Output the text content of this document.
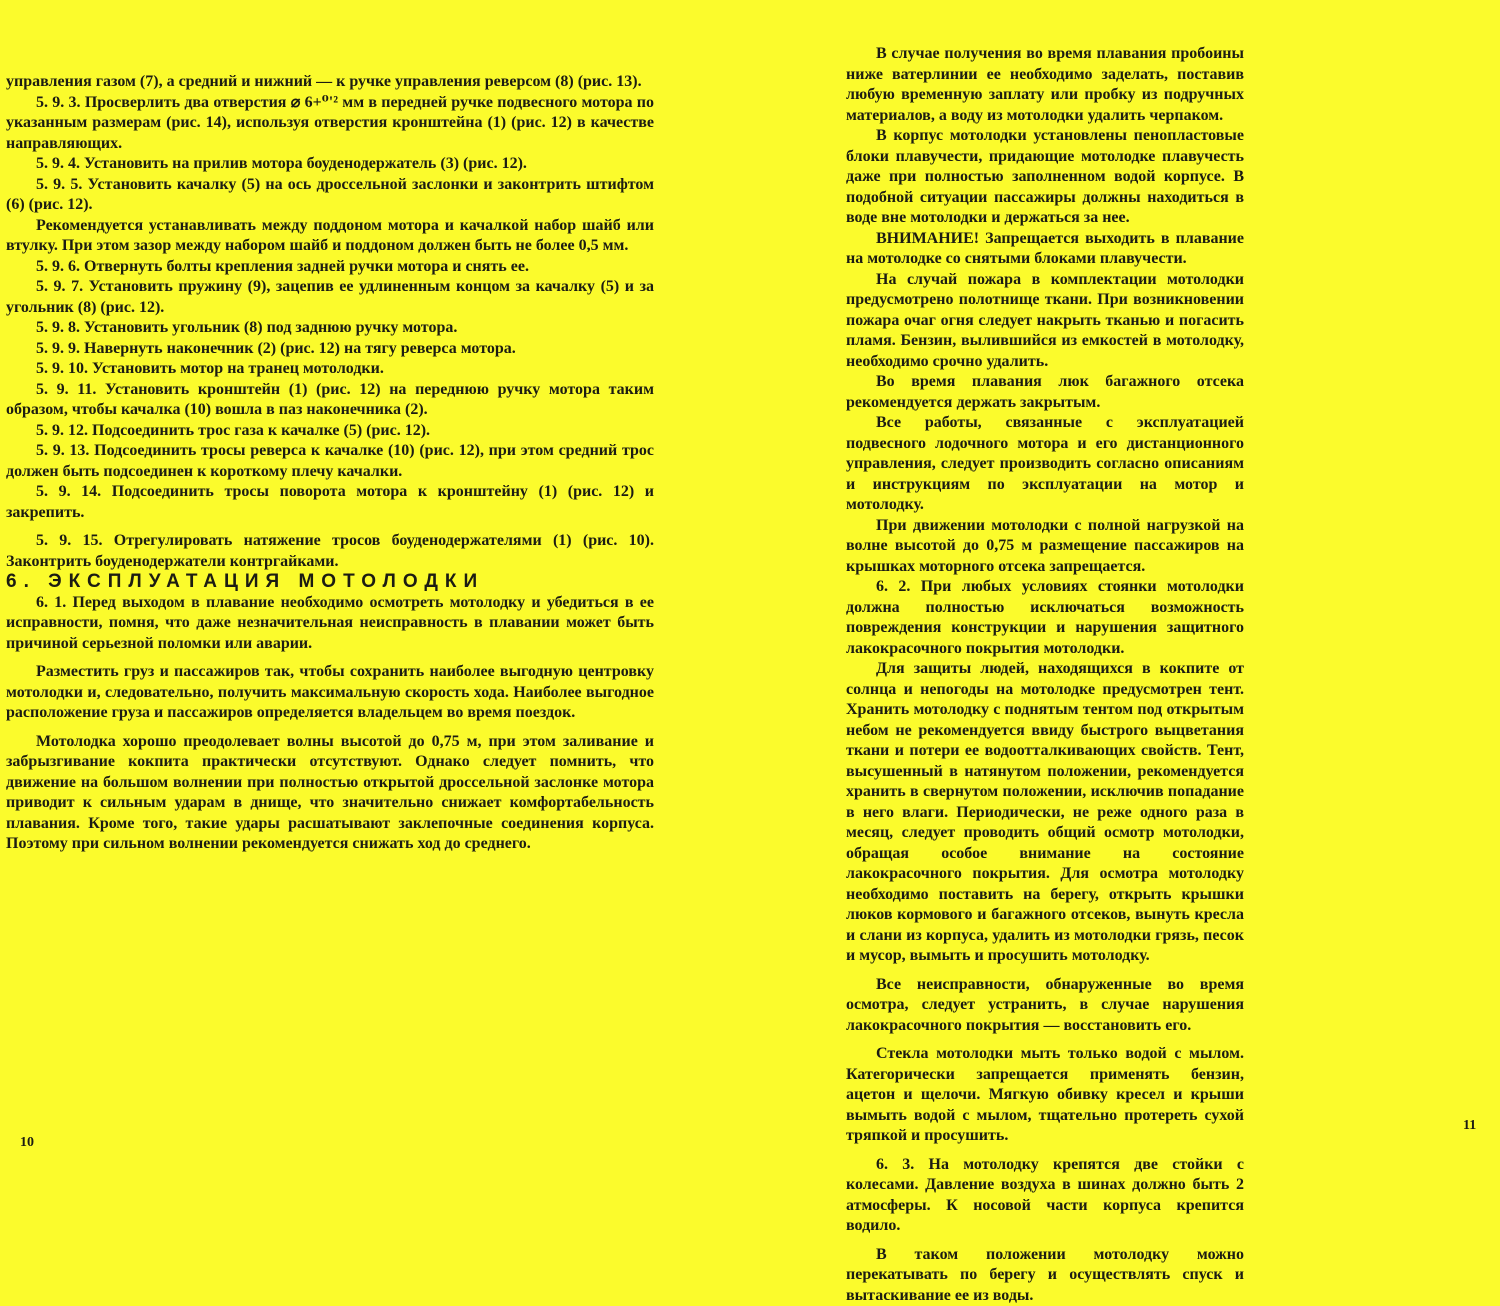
управления газом (7), а средний и нижний — к ручке управления реверсом (8) (рис. 13).

5. 9. 3. Просверлить два отверстия ⌀ 6+⁰'² мм в передней ручке подвесного мотора по указанным размерам (рис. 14), используя отверстия кронштейна (1) (рис. 12) в качестве направляющих.

5. 9. 4. Установить на прилив мотора боуденодержатель (3) (рис. 12).

5. 9. 5. Установить качалку (5) на ось дроссельной заслонки и законтрить штифтом (6) (рис. 12).

Рекомендуется устанавливать между поддоном мотора и качалкой набор шайб или втулку. При этом зазор между набором шайб и поддоном должен быть не более 0,5 мм.

5. 9. 6. Отвернуть болты крепления задней ручки мотора и снять ее.

5. 9. 7. Установить пружину (9), зацепив ее удлиненным концом за качалку (5) и за угольник (8) (рис. 12).

5. 9. 8. Установить угольник (8) под заднюю ручку мотора.

5. 9. 9. Навернуть наконечник (2) (рис. 12) на тягу реверса мотора.

5. 9. 10. Установить мотор на транец мотолодки.

5. 9. 11. Установить кронштейн (1) (рис. 12) на переднюю ручку мотора таким образом, чтобы качалка (10) вошла в паз наконечника (2).

5. 9. 12. Подсоединить трос газа к качалке (5) (рис. 12).

5. 9. 13. Подсоединить тросы реверса к качалке (10) (рис. 12), при этом средний трос должен быть подсоединен к короткому плечу качалки.

5. 9. 14. Подсоединить тросы поворота мотора к кронштейну (1) (рис. 12) и закрепить.

5. 9. 15. Отрегулировать натяжение тросов боуденодержателями (1) (рис. 10). Законтрить боуденодержатели контргайками.

6. ЭКСПЛУАТАЦИЯ МОТОЛОДКИ

6. 1. Перед выходом в плавание необходимо осмотреть мотолодку и убедиться в ее исправности, помня, что даже незначительная неисправность в плавании может быть причиной серьезной поломки или аварии.

Разместить груз и пассажиров так, чтобы сохранить наиболее выгодную центровку мотолодки и, следовательно, получить максимальную скорость хода. Наиболее выгодное расположение груза и пассажиров определяется владельцем во время поездок.

Мотолодка хорошо преодолевает волны высотой до 0,75 м, при этом заливание и забрызгивание кокпита практически отсутствуют. Однако следует помнить, что движение на большом волнении при полностью открытой дроссельной заслонке мотора приводит к сильным ударам в днище, что значительно снижает комфортабельность плавания. Кроме того, такие удары расшатывают заклепочные соединения корпуса. Поэтому при сильном волнении рекомендуется снижать ход до среднего.

10

В случае получения во время плавания пробоины ниже ватерлинии ее необходимо заделать, поставив любую временную заплату или пробку из подручных материалов, а воду из мотолодки удалить черпаком.

В корпус мотолодки установлены пенопластовые блоки плавучести, придающие мотолодке плавучесть даже при полностью заполненном водой корпусе. В подобной ситуации пассажиры должны находиться в воде вне мотолодки и держаться за нее.

ВНИМАНИЕ! Запрещается выходить в плавание на мотолодке со снятыми блоками плавучести.

На случай пожара в комплектации мотолодки предусмотрено полотнище ткани. При возникновении пожара очаг огня следует накрыть тканью и погасить пламя. Бензин, вылившийся из емкостей в мотолодку, необходимо срочно удалить.

Во время плавания люк багажного отсека рекомендуется держать закрытым.

Все работы, связанные с эксплуатацией подвесного лодочного мотора и его дистанционного управления, следует производить согласно описаниям и инструкциям по эксплуатации на мотор и мотолодку.

При движении мотолодки с полной нагрузкой на волне высотой до 0,75 м размещение пассажиров на крышках моторного отсека запрещается.

6. 2. При любых условиях стоянки мотолодки должна полностью исключаться возможность повреждения конструкции и нарушения защитного лакокрасочного покрытия мотолодки.

Для защиты людей, находящихся в кокпите от солнца и непогоды на мотолодке предусмотрен тент. Хранить мотолодку с поднятым тентом под открытым небом не рекомендуется ввиду быстрого выцветания ткани и потери ее водоотталкивающих свойств. Тент, высушенный в натянутом положении, рекомендуется хранить в свернутом положении, исключив попадание в него влаги. Периодически, не реже одного раза в месяц, следует проводить общий осмотр мотолодки, обращая особое внимание на состояние лакокрасочного покрытия. Для осмотра мотолодку необходимо поставить на берегу, открыть крышки люков кормового и багажного отсеков, вынуть кресла и слани из корпуса, удалить из мотолодки грязь, песок и мусор, вымыть и просушить мотолодку.

Все неисправности, обнаруженные во время осмотра, следует устранить, в случае нарушения лакокрасочного покрытия — восстановить его.

Стекла мотолодки мыть только водой с мылом. Категорически запрещается применять бензин, ацетон и щелочи. Мягкую обивку кресел и крыши вымыть водой с мылом, тщательно протереть сухой тряпкой и просушить.

6. 3. На мотолодку крепятся две стойки с колесами. Давление воздуха в шинах должно быть 2 атмосферы. К носовой части корпуса крепится водило.

В таком положении мотолодку можно перекатывать по берегу и осуществлять спуск и вытаскивание ее из воды.

11
